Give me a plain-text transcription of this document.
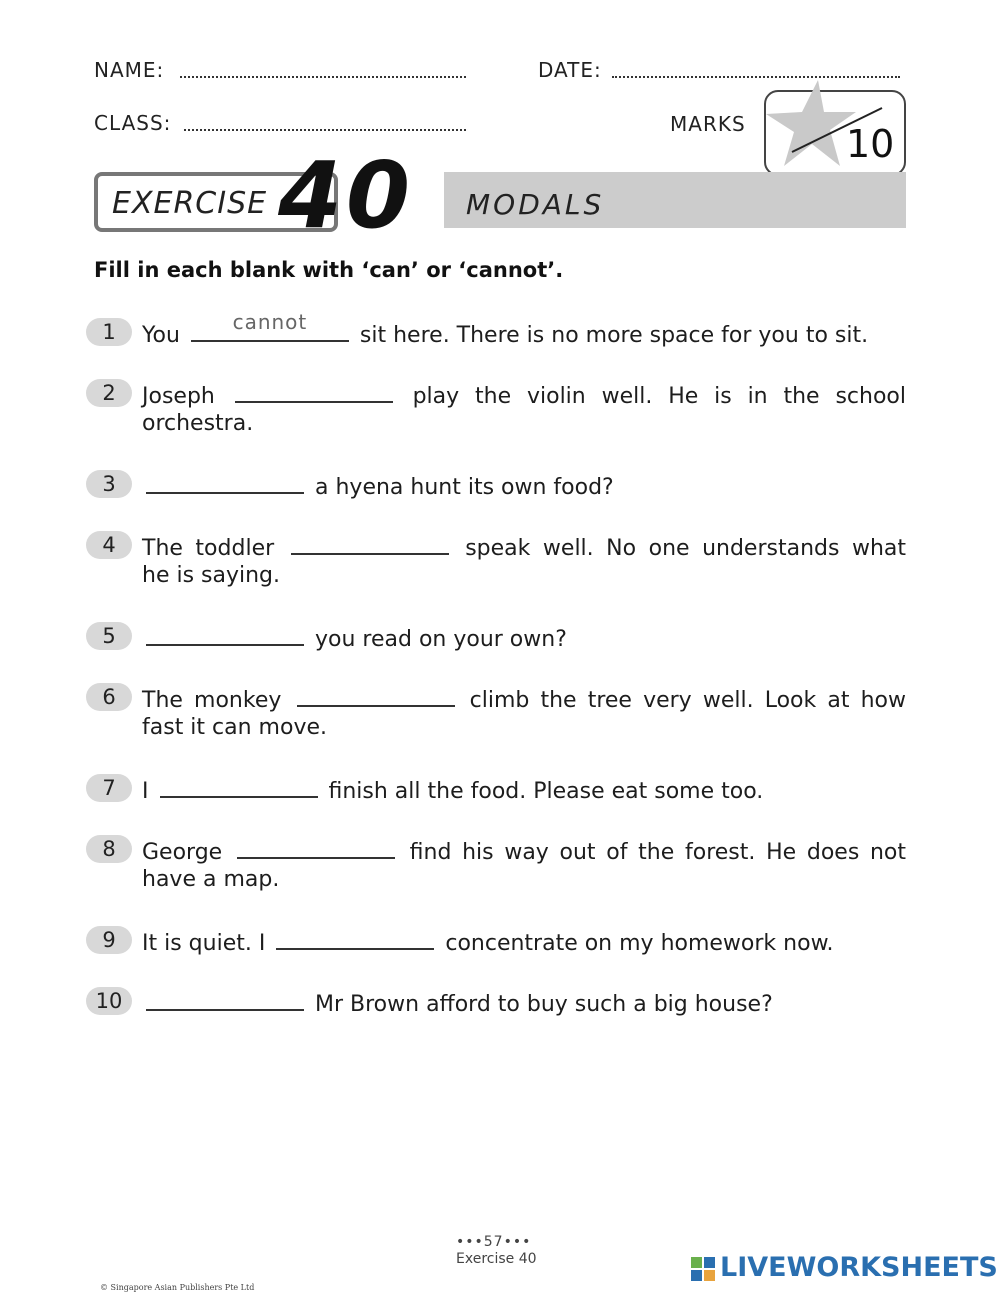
NAME:	DATE:
CLASS:	MARKS	10
EXERCISE 40 MODALS
Fill in each blank with ‘can’ or ‘cannot’.
1	You
cannot
sit here. There is no more space for you to sit.
2	Joseph	play the violin well. He is in the school
orchestra.
3	a hyena hunt its own food?
4	The toddler	speak well. No one understands what
he is saying.
5	you read on your own?
6	The monkey	climb the tree very well. Look at how
fast it can move.
7	I	finish all the food. Please eat some too.
8	George	find his way out of the forest. He does not
have a map.
9	It is quiet. I	concentrate on my homework now.
10	Mr Brown afford to buy such a big house?
•••57•••
Exercise 40
© Singapore Asian Publishers Pte Ltd
LIVEWORKSHEETS
